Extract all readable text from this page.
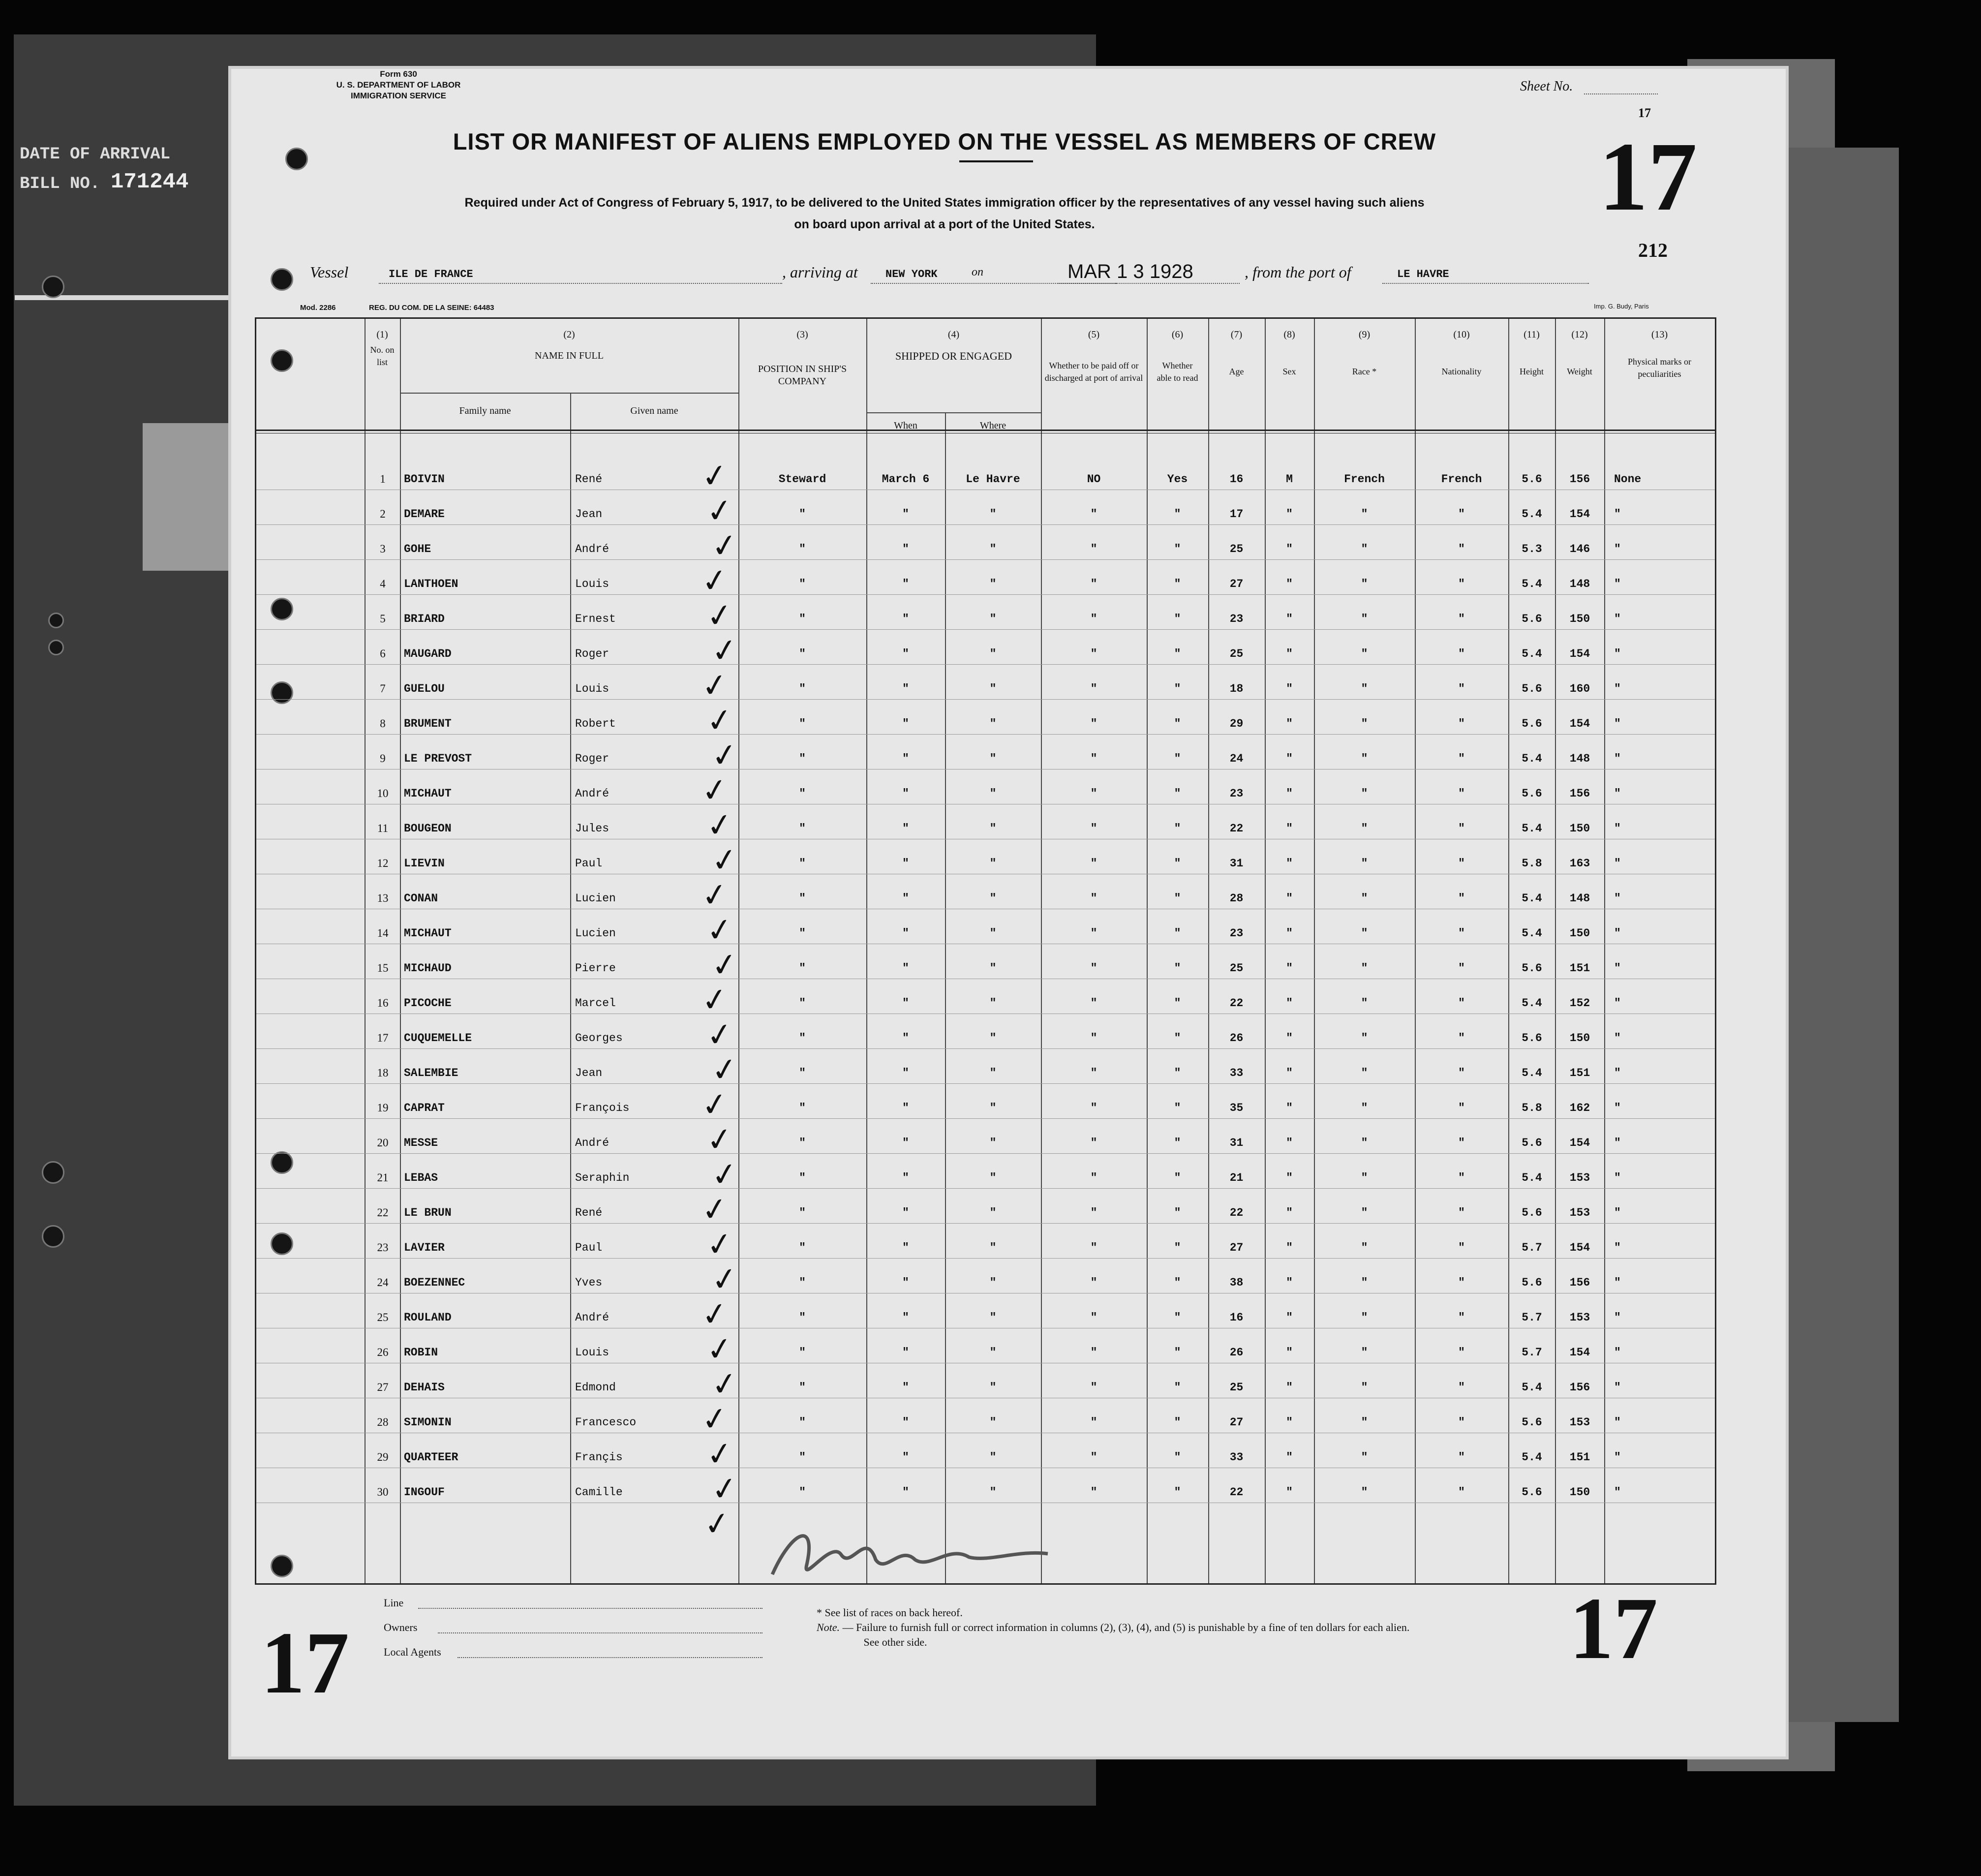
DATE OF ARRIVAL
BILL NO. 171244
Form 630
U. S. DEPARTMENT OF LABOR
IMMIGRATION SERVICE
Sheet No.
17
LIST OR MANIFEST OF ALIENS EMPLOYED ON THE VESSEL AS MEMBERS OF CREW
Required under Act of Congress of February 5, 1917, to be delivered to the United States immigration officer by the representatives of any vessel having such aliens
on board upon arrival at a port of the United States.	17
212
Vessel	ILE DE FRANCE	, arriving at	NEW YORK	on	MAR 1 3 1928	, from the port of	LE HAVRE
Mod. 2286	REG. DU COM. DE LA SEINE: 64483	Imp. G. Budy, Paris
(1)
No. on list
(2)
NAME IN FULL
Family name	Given name
(3)
POSITION IN SHIP'S COMPANY
(4)
SHIPPED OR ENGAGED
When	Where
(5)
Whether to be paid off or discharged at port of arrival
(6)
Whether able to read
(7)
Age
(8)
Sex
(9)
Race *
(10)
Nationality
(11)
Height
(12)
Weight
(13)
Physical marks or peculiarities
1	BOIVIN	René	Steward	March 6	Le Havre	NO	Yes	16	M	French	French	5.6	156	None
✓
2	DEMARE	Jean	"	"	"	"	"	17	"	"	"	5.4	154	"
✓
3	GOHE	André	"	"	"	"	"	25	"	"	"	5.3	146	"
✓
4	LANTHOEN	Louis	"	"	"	"	"	27	"	"	"	5.4	148	"
✓
5	BRIARD	Ernest	"	"	"	"	"	23	"	"	"	5.6	150	"
✓
6	MAUGARD	Roger	"	"	"	"	"	25	"	"	"	5.4	154	"
✓
7	GUELOU	Louis	"	"	"	"	"	18	"	"	"	5.6	160	"
✓
8	BRUMENT	Robert	"	"	"	"	"	29	"	"	"	5.6	154	"
✓
9	LE PREVOST	Roger	"	"	"	"	"	24	"	"	"	5.4	148	"
✓
10	MICHAUT	André	"	"	"	"	"	23	"	"	"	5.6	156	"
✓
11	BOUGEON	Jules	"	"	"	"	"	22	"	"	"	5.4	150	"
✓
12	LIEVIN	Paul	"	"	"	"	"	31	"	"	"	5.8	163	"
✓
13	CONAN	Lucien	"	"	"	"	"	28	"	"	"	5.4	148	"
✓
14	MICHAUT	Lucien	"	"	"	"	"	23	"	"	"	5.4	150	"
✓
15	MICHAUD	Pierre	"	"	"	"	"	25	"	"	"	5.6	151	"
✓
16	PICOCHE	Marcel	"	"	"	"	"	22	"	"	"	5.4	152	"
✓
17	CUQUEMELLE	Georges	"	"	"	"	"	26	"	"	"	5.6	150	"
✓
18	SALEMBIE	Jean	"	"	"	"	"	33	"	"	"	5.4	151	"
✓
19	CAPRAT	François	"	"	"	"	"	35	"	"	"	5.8	162	"
✓
20	MESSE	André	"	"	"	"	"	31	"	"	"	5.6	154	"
✓
21	LEBAS	Seraphin	"	"	"	"	"	21	"	"	"	5.4	153	"
✓
22	LE BRUN	René	"	"	"	"	"	22	"	"	"	5.6	153	"
✓
23	LAVIER	Paul	"	"	"	"	"	27	"	"	"	5.7	154	"
✓
24	BOEZENNEC	Yves	"	"	"	"	"	38	"	"	"	5.6	156	"
✓
25	ROULAND	André	"	"	"	"	"	16	"	"	"	5.7	153	"
✓
26	ROBIN	Louis	"	"	"	"	"	26	"	"	"	5.7	154	"
✓
27	DEHAIS	Edmond	"	"	"	"	"	25	"	"	"	5.4	156	"
✓
28	SIMONIN	Francesco	"	"	"	"	"	27	"	"	"	5.6	153	"
✓
29	QUARTEER	Françis	"	"	"	"	"	33	"	"	"	5.4	151	"
✓
30	INGOUF	Camille	"	"	"	"	"	22	"	"	"	5.6	150	"
✓
✓
Line
Owners
Local Agents
* See list of races on back hereof.
Note. — Failure to furnish full or correct information in columns (2), (3), (4), and (5) is punishable by a fine of ten dollars for each alien.
See other side.
17	17
